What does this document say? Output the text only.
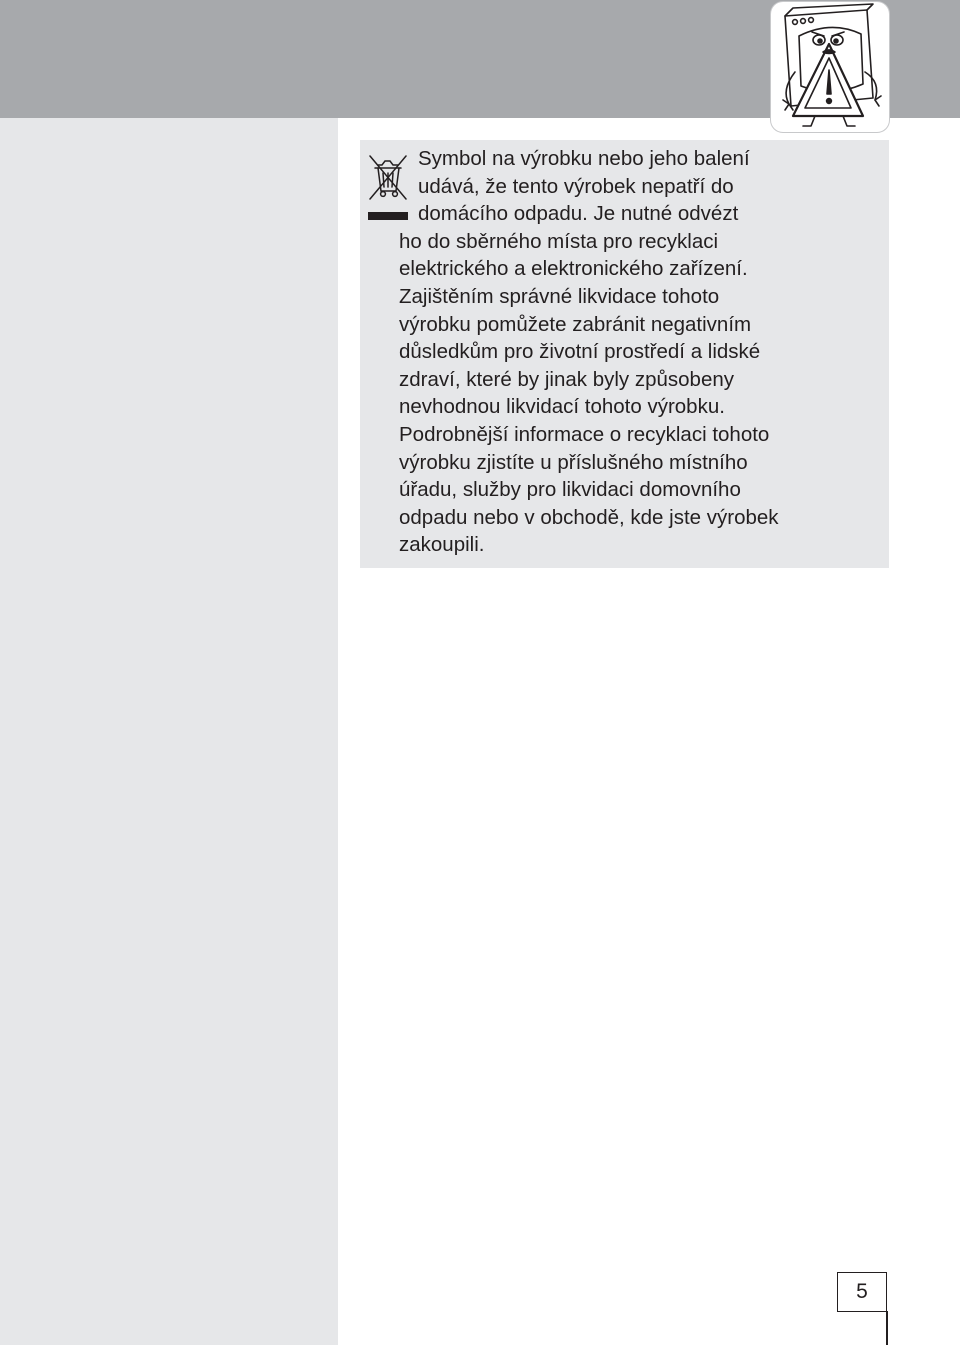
Symbol na výrobku nebo jeho balení
udává, že tento výrobek nepatří do
domácího odpadu. Je nutné odvézt
ho do sběrného místa pro recyklaci
elektrického a elektronického zařízení.
Zajištěním správné likvidace tohoto
výrobku pomůžete zabránit negativním
důsledkům pro životní prostředí a lidské
zdraví, které by jinak byly způsobeny
nevhodnou likvidací tohoto výrobku.
Podrobnější informace o recyklaci tohoto
výrobku zjistíte u příslušného místního
úřadu, služby pro likvidaci domovního
odpadu nebo v obchodě, kde jste výrobek
zakoupili.

5
